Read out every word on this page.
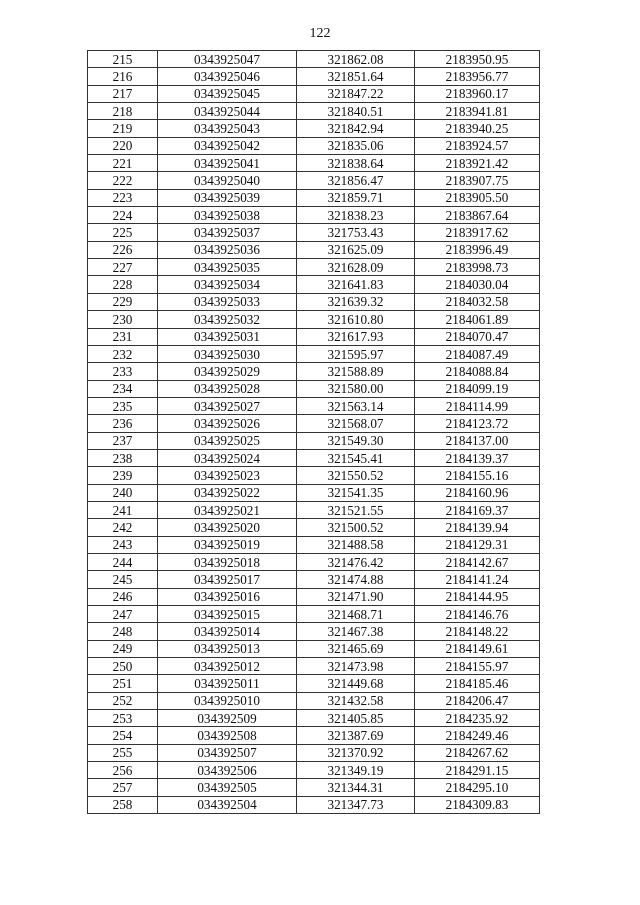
122
215	0343925047	321862.08	2183950.95
216	0343925046	321851.64	2183956.77
217	0343925045	321847.22	2183960.17
218	0343925044	321840.51	2183941.81
219	0343925043	321842.94	2183940.25
220	0343925042	321835.06	2183924.57
221	0343925041	321838.64	2183921.42
222	0343925040	321856.47	2183907.75
223	0343925039	321859.71	2183905.50
224	0343925038	321838.23	2183867.64
225	0343925037	321753.43	2183917.62
226	0343925036	321625.09	2183996.49
227	0343925035	321628.09	2183998.73
228	0343925034	321641.83	2184030.04
229	0343925033	321639.32	2184032.58
230	0343925032	321610.80	2184061.89
231	0343925031	321617.93	2184070.47
232	0343925030	321595.97	2184087.49
233	0343925029	321588.89	2184088.84
234	0343925028	321580.00	2184099.19
235	0343925027	321563.14	2184114.99
236	0343925026	321568.07	2184123.72
237	0343925025	321549.30	2184137.00
238	0343925024	321545.41	2184139.37
239	0343925023	321550.52	2184155.16
240	0343925022	321541.35	2184160.96
241	0343925021	321521.55	2184169.37
242	0343925020	321500.52	2184139.94
243	0343925019	321488.58	2184129.31
244	0343925018	321476.42	2184142.67
245	0343925017	321474.88	2184141.24
246	0343925016	321471.90	2184144.95
247	0343925015	321468.71	2184146.76
248	0343925014	321467.38	2184148.22
249	0343925013	321465.69	2184149.61
250	0343925012	321473.98	2184155.97
251	0343925011	321449.68	2184185.46
252	0343925010	321432.58	2184206.47
253	034392509	321405.85	2184235.92
254	034392508	321387.69	2184249.46
255	034392507	321370.92	2184267.62
256	034392506	321349.19	2184291.15
257	034392505	321344.31	2184295.10
258	034392504	321347.73	2184309.83
